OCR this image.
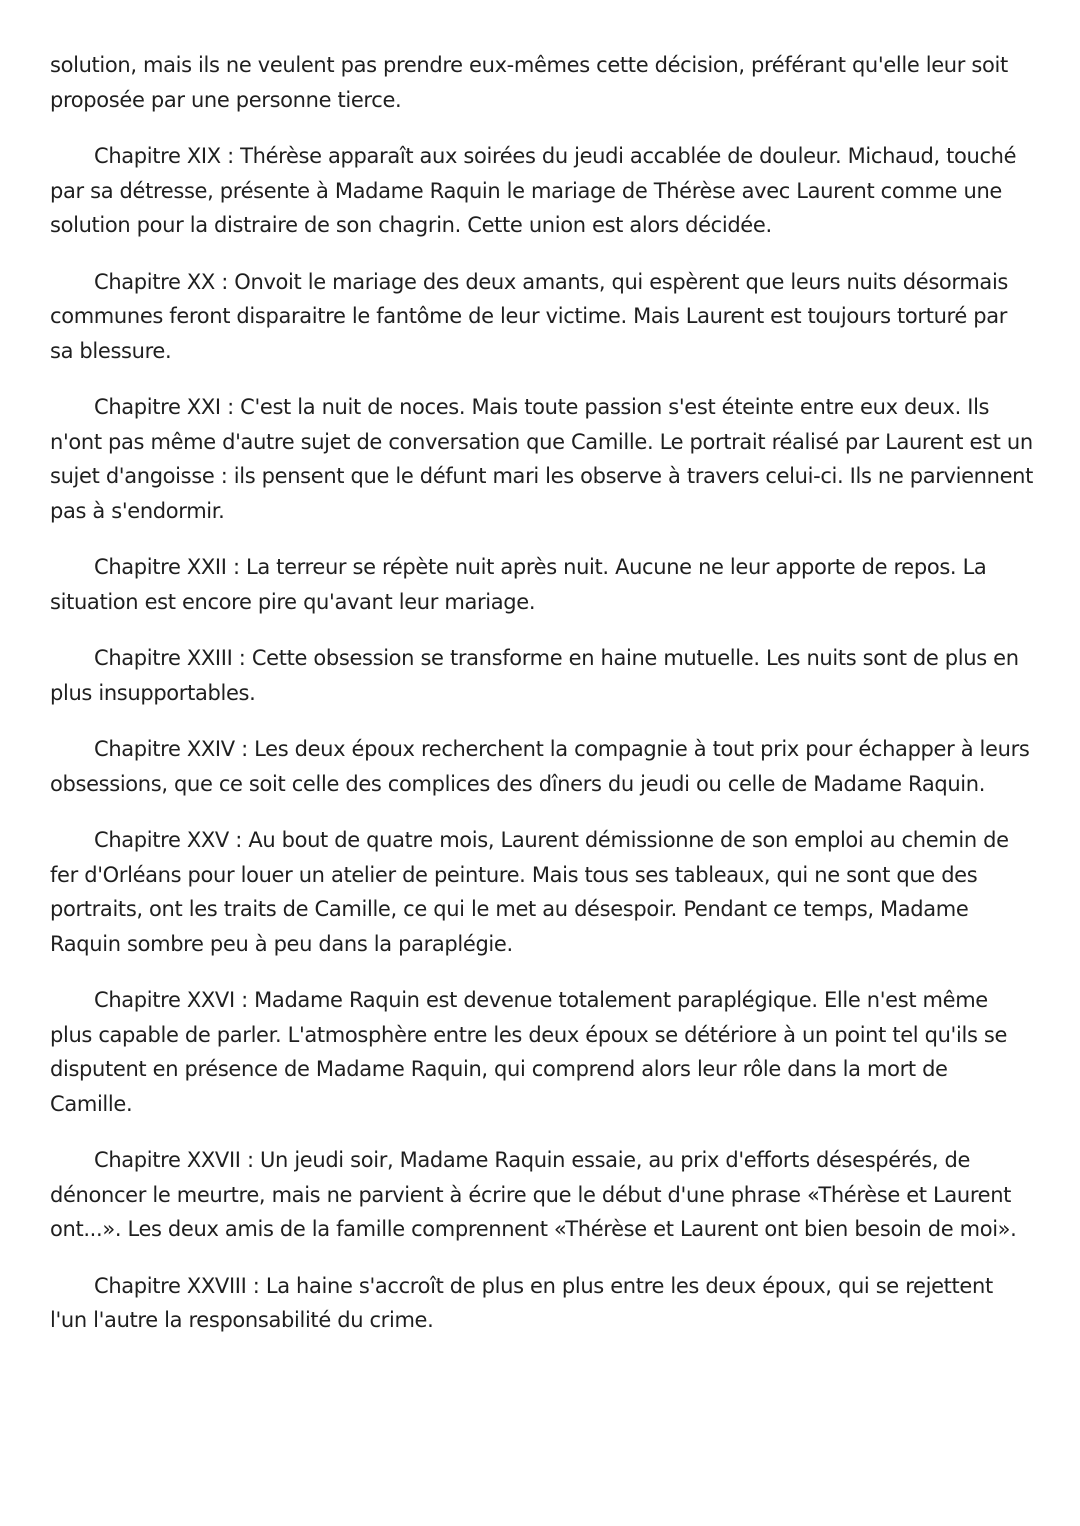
solution, mais ils ne veulent pas prendre eux-mêmes cette décision, préférant qu'elle leur soit proposée par une personne tierce.

Chapitre XIX : Thérèse apparaît aux soirées du jeudi accablée de douleur. Michaud, touché par sa détresse, présente à Madame Raquin le mariage de Thérèse avec Laurent comme une solution pour la distraire de son chagrin. Cette union est alors décidée.

Chapitre XX : Onvoit le mariage des deux amants, qui espèrent que leurs nuits désormais communes feront disparaitre le fantôme de leur victime. Mais Laurent est toujours torturé par sa blessure.

Chapitre XXI : C'est la nuit de noces. Mais toute passion s'est éteinte entre eux deux. Ils n'ont pas même d'autre sujet de conversation que Camille. Le portrait réalisé par Laurent est un sujet d'angoisse : ils pensent que le défunt mari les observe à travers celui-ci. Ils ne parviennent pas à s'endormir.

Chapitre XXII : La terreur se répète nuit après nuit. Aucune ne leur apporte de repos. La situation est encore pire qu'avant leur mariage.

Chapitre XXIII : Cette obsession se transforme en haine mutuelle. Les nuits sont de plus en plus insupportables.

Chapitre XXIV : Les deux époux recherchent la compagnie à tout prix pour échapper à leurs obsessions, que ce soit celle des complices des dîners du jeudi ou celle de Madame Raquin.

Chapitre XXV : Au bout de quatre mois, Laurent démissionne de son emploi au chemin de fer d'Orléans pour louer un atelier de peinture. Mais tous ses tableaux, qui ne sont que des portraits, ont les traits de Camille, ce qui le met au désespoir. Pendant ce temps, Madame Raquin sombre peu à peu dans la paraplégie.

Chapitre XXVI : Madame Raquin est devenue totalement paraplégique. Elle n'est même plus capable de parler. L'atmosphère entre les deux époux se détériore à un point tel qu'ils se disputent en présence de Madame Raquin, qui comprend alors leur rôle dans la mort de Camille.

Chapitre XXVII : Un jeudi soir, Madame Raquin essaie, au prix d'efforts désespérés, de dénoncer le meurtre, mais ne parvient à écrire que le début d'une phrase «Thérèse et Laurent ont...». Les deux amis de la famille comprennent «Thérèse et Laurent ont bien besoin de moi».

Chapitre XXVIII : La haine s'accroît de plus en plus entre les deux époux, qui se rejettent l'un l'autre la responsabilité du crime.
